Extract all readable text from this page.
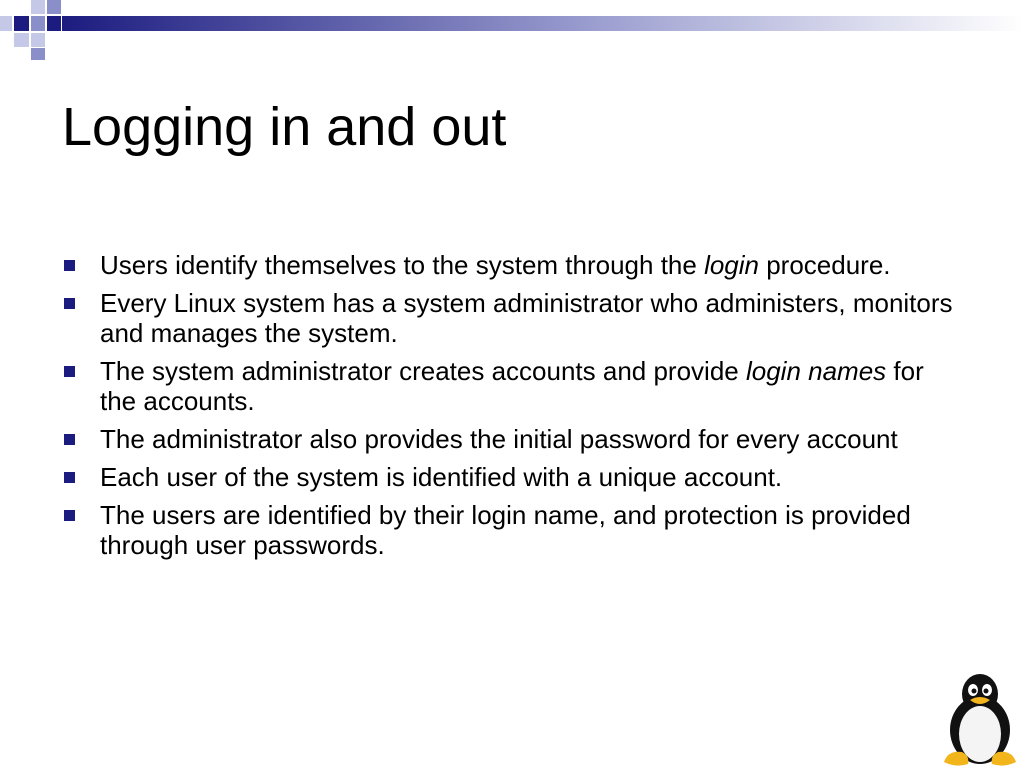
Logging in and out
Users identify themselves to the system through the login procedure.
Every Linux system has a system administrator who administers, monitors and manages the system.
The system administrator creates accounts and provide login names for the accounts.
The administrator also provides the initial password for every account
Each user of the system is identified with a unique account.
The users are identified by their login name, and protection is provided through user passwords.
